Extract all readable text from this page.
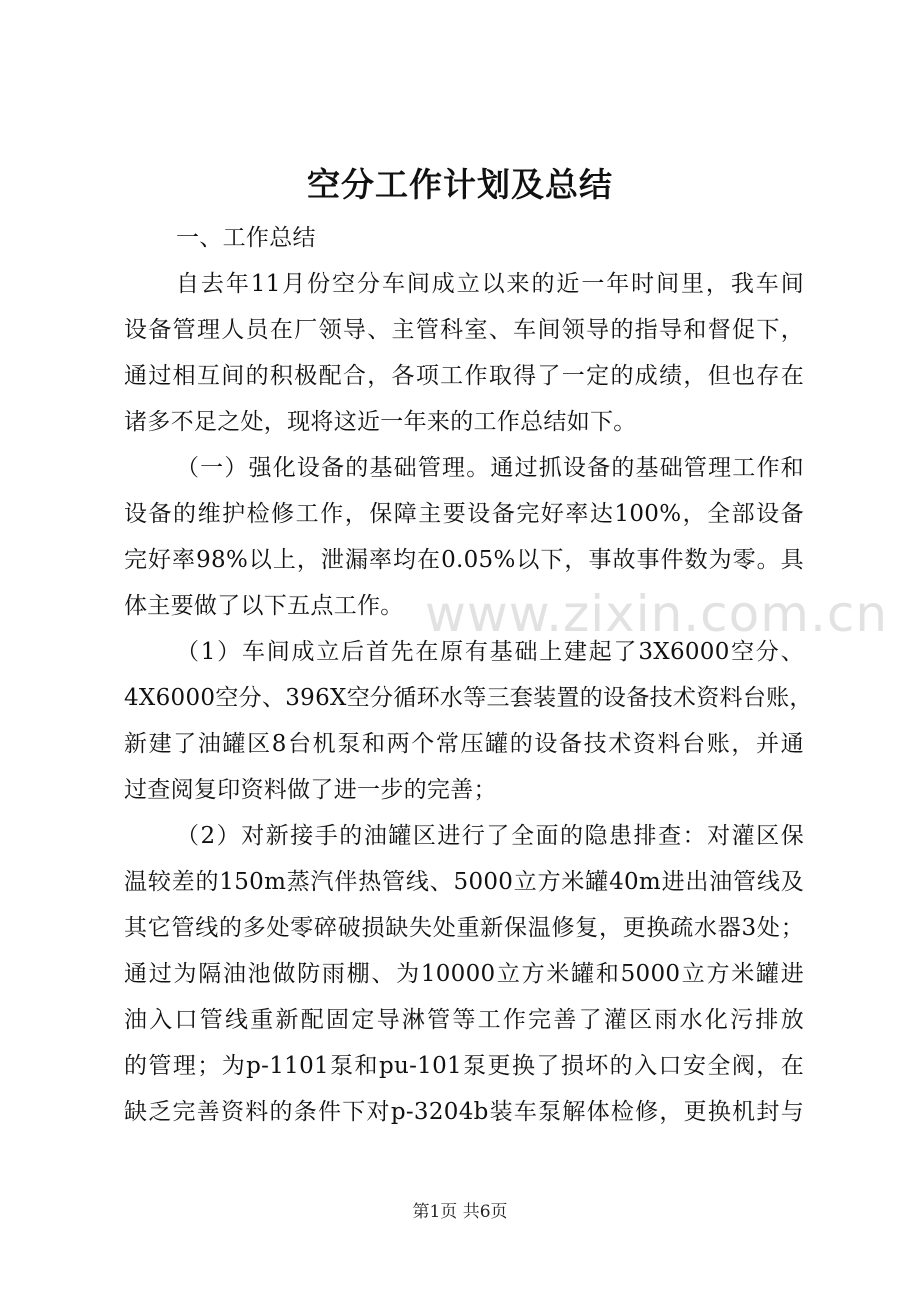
空分工作计划及总结
一、工作总结
自去年11月份空分车间成立以来的近一年时间里，我车间
设备管理人员在厂领导、主管科室、车间领导的指导和督促下，
通过相互间的积极配合，各项工作取得了一定的成绩，但也存在
诸多不足之处，现将这近一年来的工作总结如下。
（一）强化设备的基础管理。通过抓设备的基础管理工作和
设备的维护检修工作，保障主要设备完好率达100%，全部设备
完好率98%以上，泄漏率均在0.05%以下，事故事件数为零。具
体主要做了以下五点工作。
（1）车间成立后首先在原有基础上建起了3X6000空分、
4X6000空分、396X空分循环水等三套装置的设备技术资料台账，
新建了油罐区8台机泵和两个常压罐的设备技术资料台账，并通
过查阅复印资料做了进一步的完善；
（2）对新接手的油罐区进行了全面的隐患排查：对灌区保
温较差的150m蒸汽伴热管线、5000立方米罐40m进出油管线及
其它管线的多处零碎破损缺失处重新保温修复，更换疏水器3处；
通过为隔油池做防雨棚、为10000立方米罐和5000立方米罐进
油入口管线重新配固定导淋管等工作完善了灌区雨水化污排放
的管理；为p-1101泵和pu-101泵更换了损坏的入口安全阀，在
缺乏完善资料的条件下对p-3204b装车泵解体检修，更换机封与
www.zixin.com.cn
第1页 共6页
